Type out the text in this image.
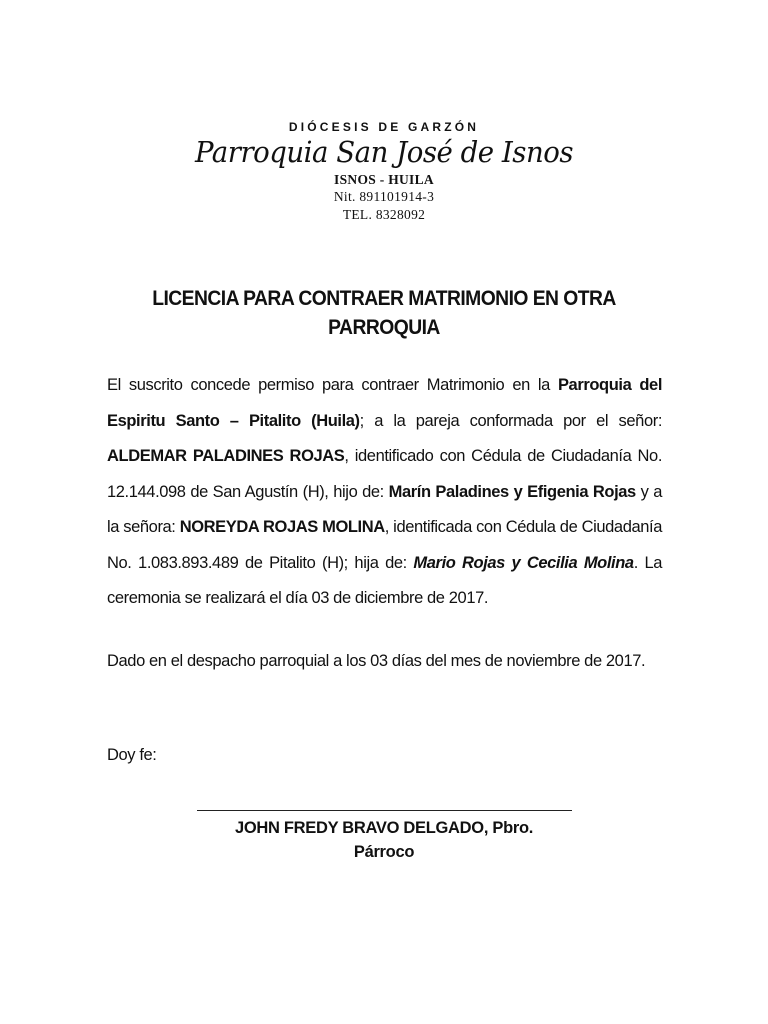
DIÓCESIS DE GARZÓN

Parroquia San José de Isnos

ISNOS - HUILA

Nit. 891101914-3

TEL. 8328092

LICENCIA PARA CONTRAER MATRIMONIO EN OTRA PARROQUIA

El suscrito concede permiso para contraer Matrimonio en la Parroquia del Espiritu Santo – Pitalito (Huila); a la pareja conformada por el señor: ALDEMAR PALADINES ROJAS, identificado con Cédula de Ciudadanía No. 12.144.098 de San Agustín (H), hijo de: Marín Paladines y Efigenia Rojas y a la señora: NOREYDA ROJAS MOLINA, identificada con Cédula de Ciudadanía No. 1.083.893.489 de Pitalito (H); hija de: Mario Rojas y Cecilia Molina. La ceremonia se realizará el día 03 de diciembre de 2017.

Dado en el despacho parroquial a los 03 días del mes de noviembre de 2017.

Doy fe:

JOHN FREDY BRAVO DELGADO, Pbro.

Párroco
